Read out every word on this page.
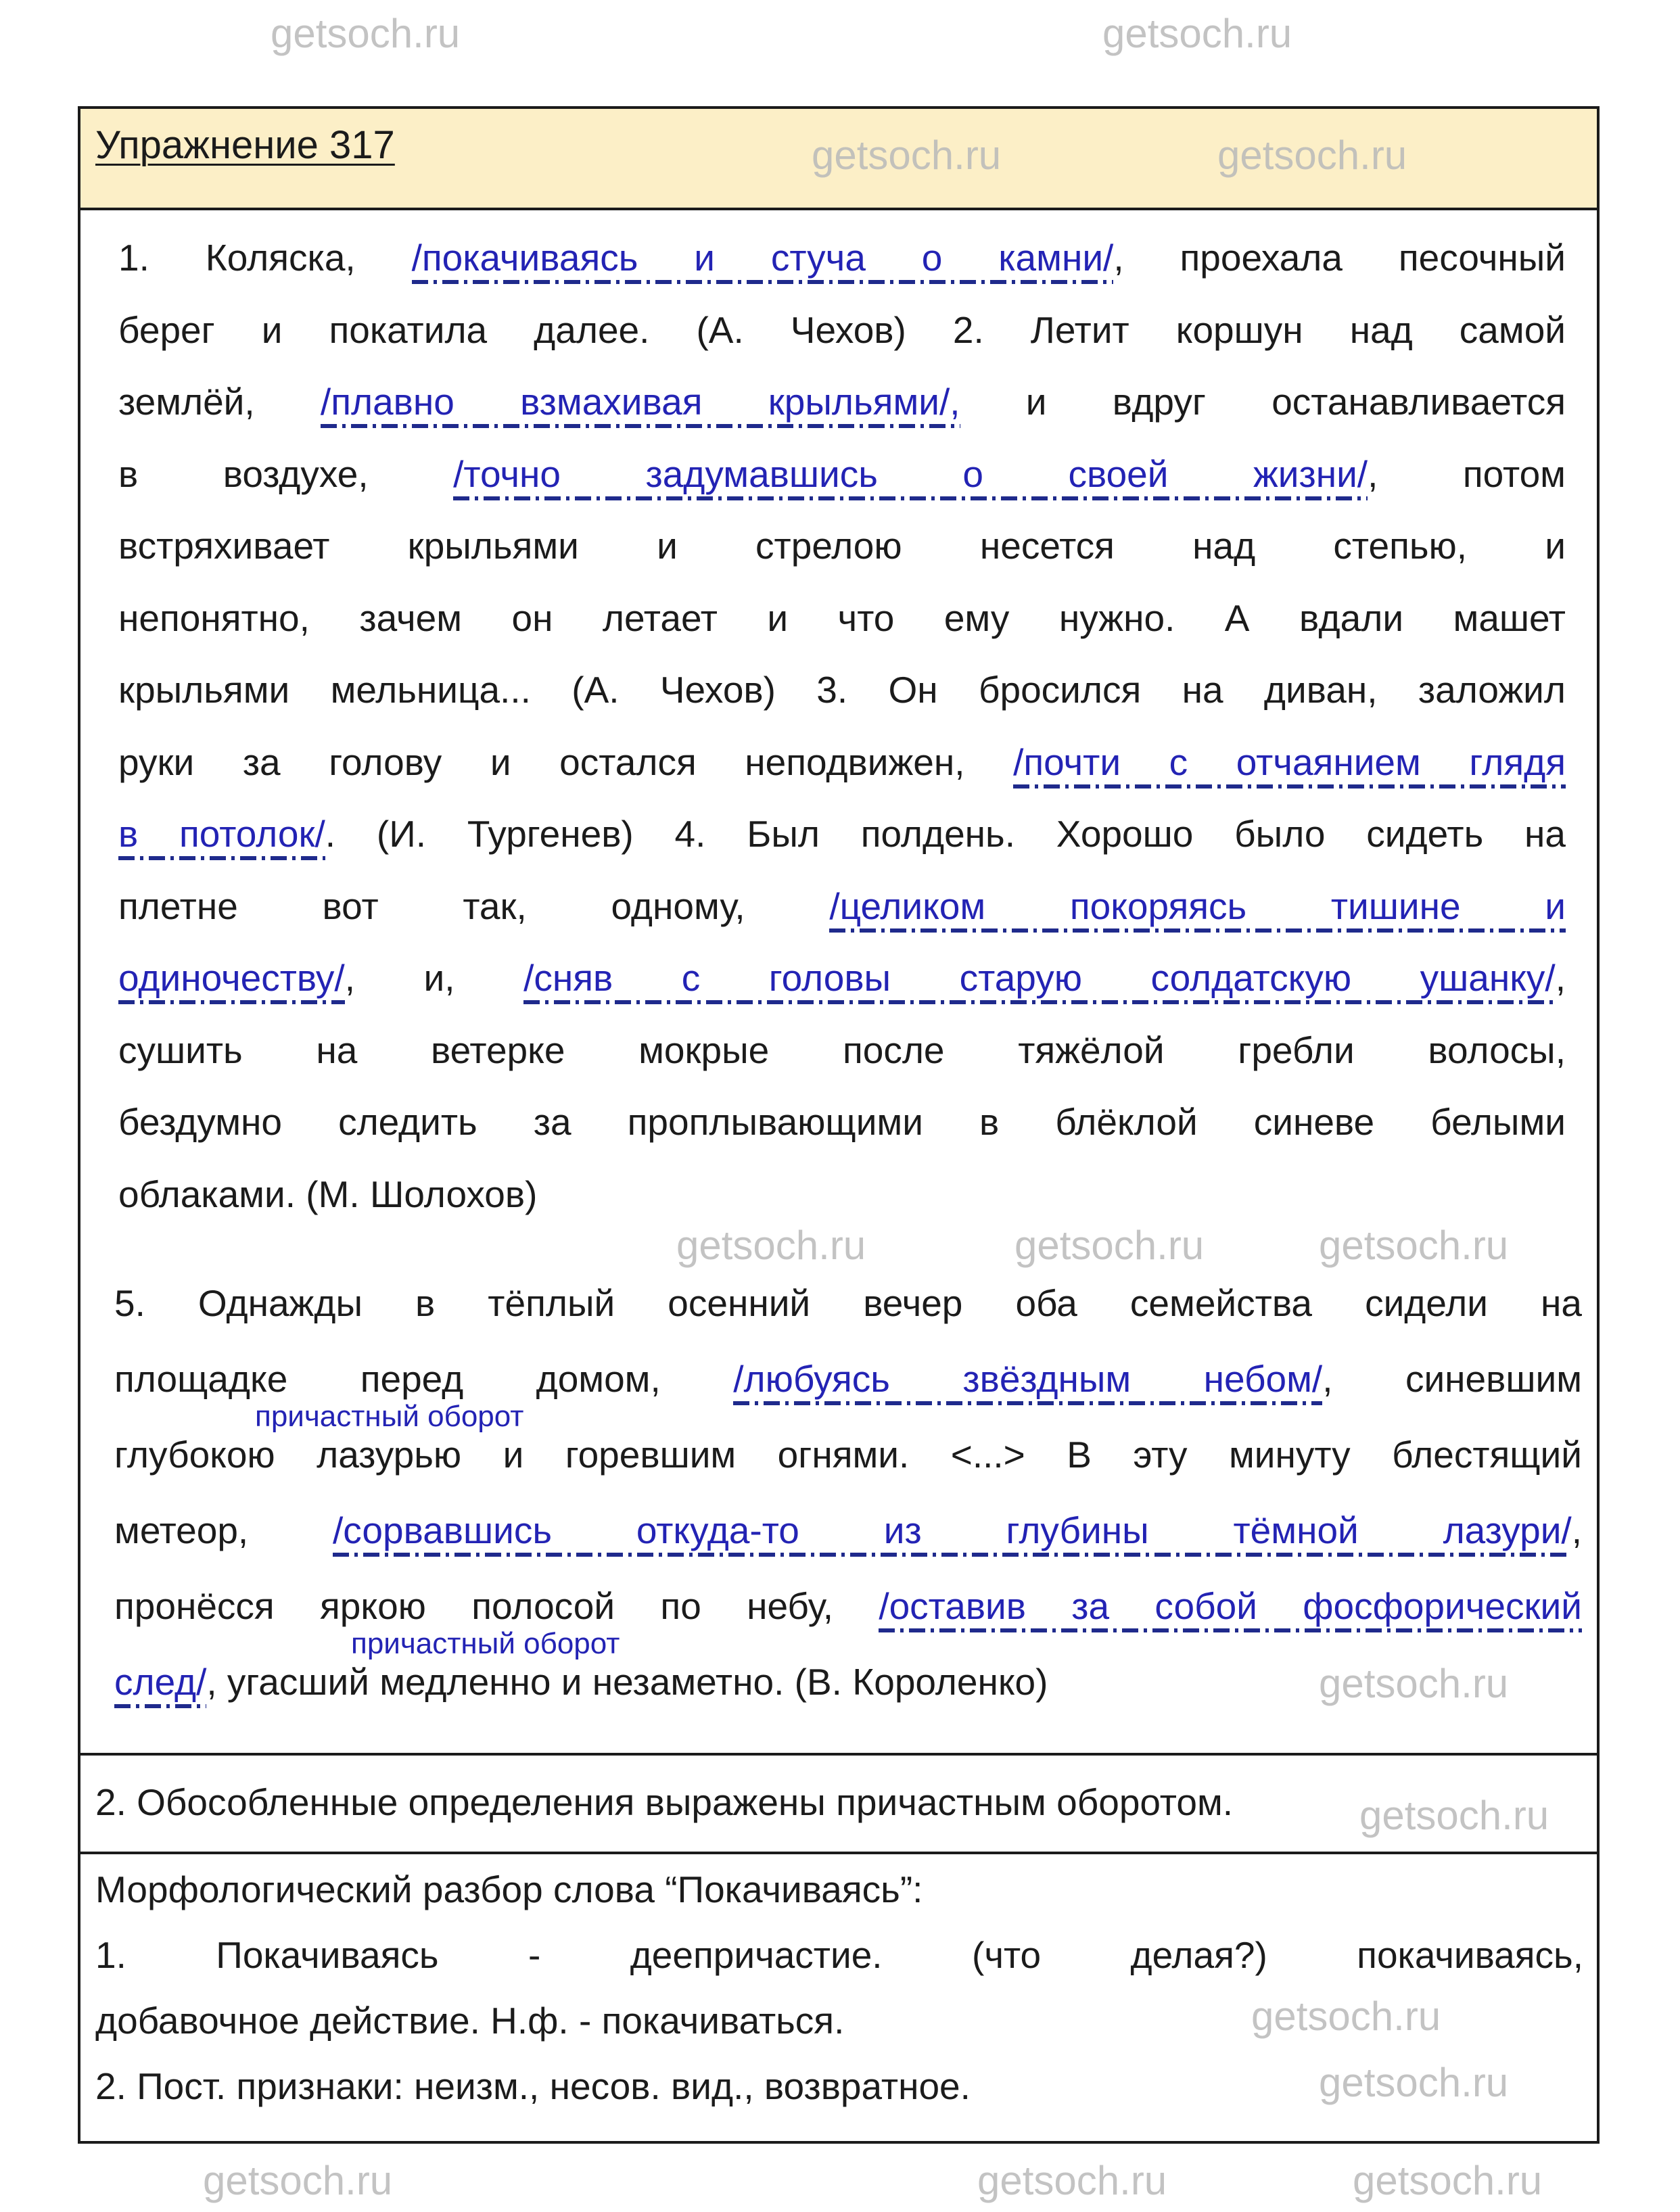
getsoch.ru
getsoch.ru
Упражнение 317
1. Коляска, /покачиваясь и стуча о камни/, проехала песочный
берег и покатила далее. (А. Чехов) 2. Летит коршун над самой
землёй, /плавно взмахивая крыльями/, и вдруг останавливается
в воздухе, /точно задумавшись о своей жизни/, потом
встряхивает крыльями и стрелою несется над степью, и
непонятно, зачем он летает и что ему нужно. А вдали машет
крыльями мельница... (А. Чехов) 3. Он бросился на диван, заложил
руки за голову и остался неподвижен, /почти с отчаянием глядя
в потолок/. (И. Тургенев) 4. Был полдень. Хорошо было сидеть на
плетне вот так, одному, /целиком покоряясь тишине и
одиночеству/, и, /сняв с головы старую солдатскую ушанку/,
сушить на ветерке мокрые после тяжёлой гребли волосы,
бездумно следить за проплывающими в блёклой синеве белыми
облаками. (М. Шолохов)
5. Однажды в тёплый осенний вечер оба семейства сидели на
площадке перед домом, /любуясь звёздным небом/, синевшим
глубокою лазурью и горевшим огнями. <...> В эту минуту блестящий
метеор, /сорвавшись откуда-то из глубины тёмной лазури/,
пронёсся яркою полосой по небу, /оставив за собой фосфорический
след/, угасший медленно и незаметно. (В. Короленко)
причастный оборот
причастный оборот
2. Обособленные определения выражены причастным оборотом.
Морфологический разбор слова “Покачиваясь”:
1. Покачиваясь - деепричастие. (что делая?) покачиваясь,
добавочное действие. Н.ф. - покачиваться.
2. Пост. признаки: неизм., несов. вид., возвратное.
getsoch.ru	getsoch.ru
getsoch.ru	getsoch.ru	getsoch.ru
getsoch.ru
getsoch.ru
getsoch.ru
getsoch.ru
getsoch.ru	getsoch.ru	getsoch.ru
